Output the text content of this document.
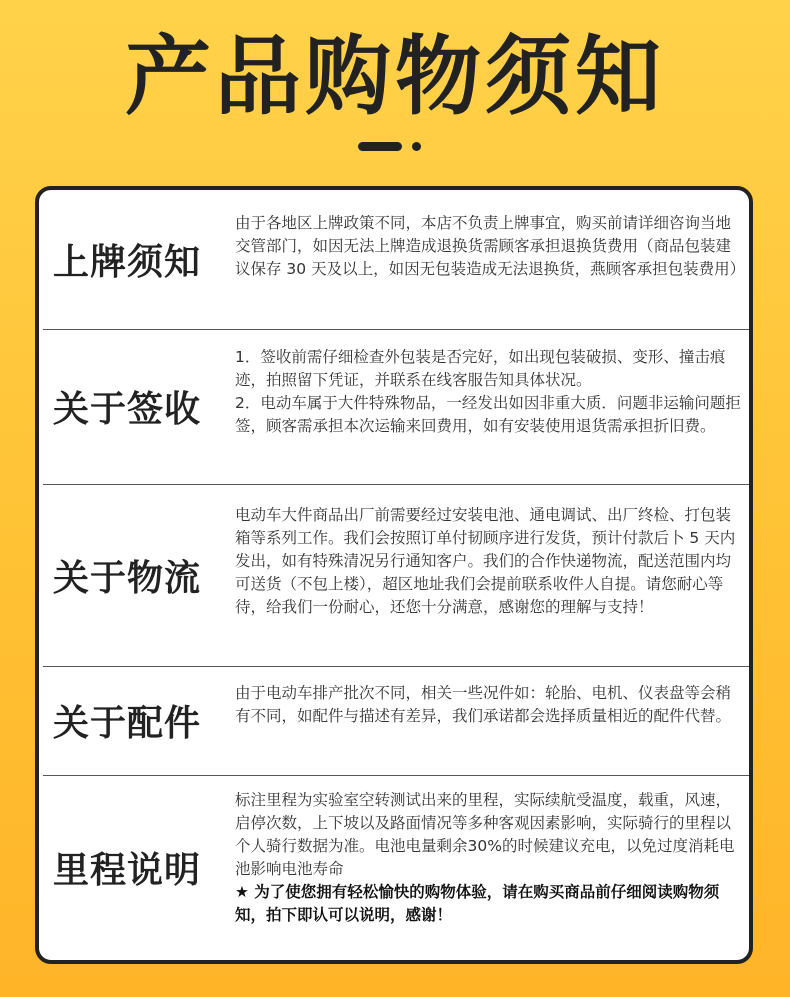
产品购物须知
上牌须知

由于各地区上牌政策不同，本店不负责上牌事宜，购买前请详细咨询当地交管部门，如因无法上牌造成退换货需顾客承担退换货费用（商品包装建议保存 30 天及以上，如因无包装造成无法退换货，燕顾客承担包装费用）

关于签收

1．签收前需仔细检查外包装是否完好，如出现包装破损、变形、撞击痕迹，拍照留下凭证，并联系在线客服告知具体状况。

2．电动车属于大件特殊物品，一经发出如因非重大质．问题非运输问题拒签，顾客需承担本次运输来回费用，如有安装使用退货需承担折旧费。

关于物流

电动车大件商品出厂前需要经过安装电池、通电调试、出厂终检、打包装箱等系列工作。我们会按照订单付韧顾序进行发货，预计付款后卜 5 天内发出，如有特殊清况另行通知客户。我们的合作快递物流，配送范围内均可送货（不包上楼），超区地址我们会提前联系收件人自提。请您耐心等待，给我们一份耐心，还您十分满意，感谢您的理解与支持！

关于配件

由于电动车排产批次不同，相关一些况件如：轮胎、电机、仪表盘等会稍有不同，如配件与描述有差异，我们承诺都会选择质量相近的配件代替。

里程说明

标注里程为实验室空转测试出来的里程，实际续航受温度，载重，风速，启停次数，上下坡以及路面情况等多种客观因素影响，实际骑行的里程以个人骑行数据为准。电池电量剩余30%的时候建议充电，以免过度消耗电池影响电池寿命

★ 为了使您拥有轻松愉快的购物体验，请在购买商品前仔细阅读购物须知，拍下即认可以说明，感谢！
